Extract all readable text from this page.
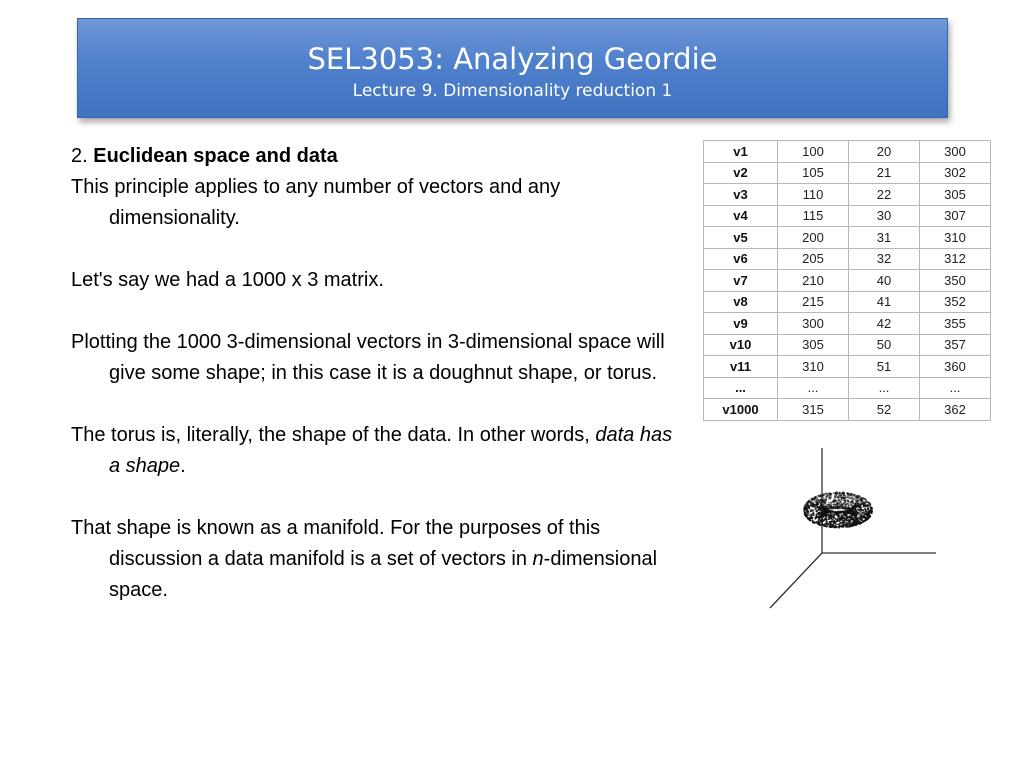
SEL3053: Analyzing Geordie
Lecture 9. Dimensionality reduction 1

2. Euclidean space and data

This principle applies to any number of vectors and any dimensionality.

Let's say we had a 1000 x 3 matrix.

Plotting the 1000 3-dimensional vectors in 3-dimensional space will give some shape; in this case it is a doughnut shape, or torus.

The torus is, literally, the shape of the data. In other words, data has a shape.

That shape is known as a manifold. For the purposes of this discussion a data manifold is a set of vectors in n-dimensional space.

v1	100	20	300
v2	105	21	302
v3	110	22	305
v4	115	30	307
v5	200	31	310
v6	205	32	312
v7	210	40	350
v8	215	41	352
v9	300	42	355
v10	305	50	357
v11	310	51	360
...	...	...	...
v1000	315	52	362
